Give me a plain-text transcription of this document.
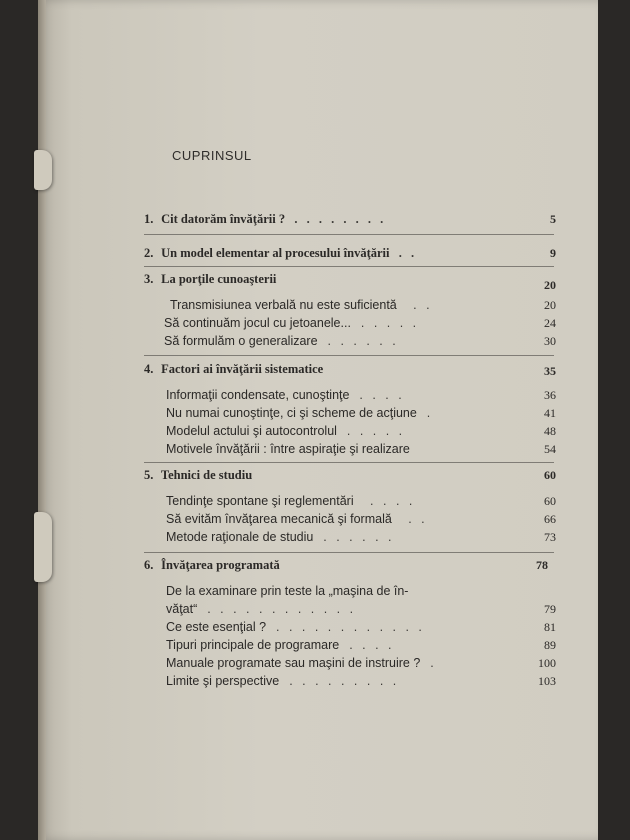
CUPRINSUL
1. Cit datorăm învăţării ?  . . . . . . . .	5
2. Un model elementar al procesului învăţării  . .	9
3. La porţile cunoaşterii	20
Transmisiunea verbală nu este suficientă   . .	20
Să continuăm jocul cu jetoanele...  . . . . .	24
Să formulăm o generalizare  . . . . . .	30
4. Factori ai învăţării sistematice	35
Informaţii condensate, cunoştinţe  . . . .	36
Nu numai cunoştinţe, ci şi scheme de acţiune  .	41
Modelul actului şi autocontrolul  . . . . .	48
Motivele învăţării : între aspiraţie şi realizare	54
5. Tehnici de studiu	60
Tendinţe spontane şi reglementări   . . . .	60
Să evităm învăţarea mecanică şi formală   . .	66
Metode raţionale de studiu  . . . . . .	73
6. Învăţarea programată	78
De la examinare prin teste la „maşina de în-
văţat“  . . . . . . . . . . . .	79
Ce este esenţial ?  . . . . . . . . . . . .	81
Tipuri principale de programare  . . . .	89
Manuale programate sau maşini de instruire ?  .	100
Limite şi perspective  . . . . . . . . .	103
